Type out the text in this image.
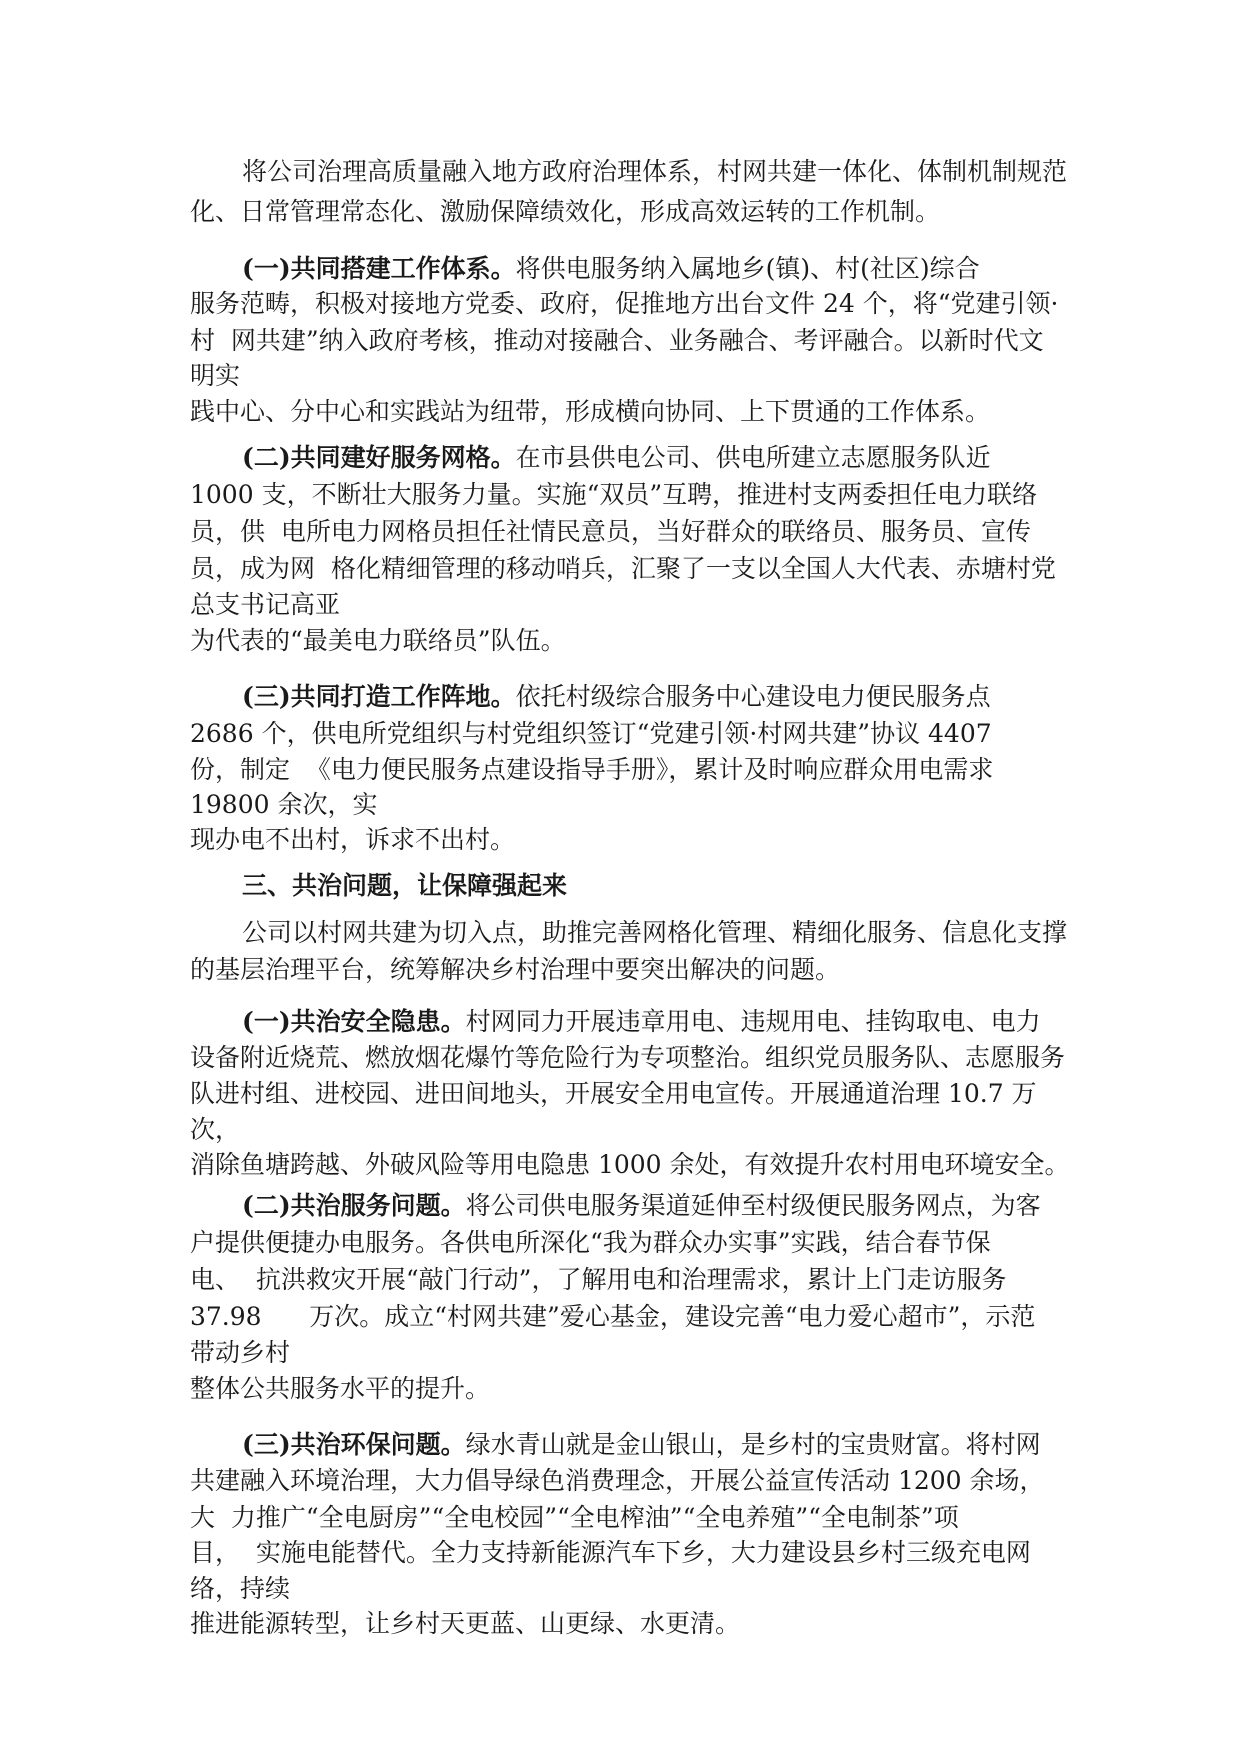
将公司治理高质量融入地方政府治理体系，村网共建一体化、体制机制规范
化、日常管理常态化、激励保障绩效化，形成高效运转的工作机制。
(一)共同搭建工作体系。将供电服务纳入属地乡(镇)、村(社区)综合
服务范畴，积极对接地方党委、政府，促推地方出台文件 24 个，将“党建引领·
村  网共建”纳入政府考核，推动对接融合、业务融合、考评融合。以新时代文
明实
践中心、分中心和实践站为纽带，形成横向协同、上下贯通的工作体系。
(二)共同建好服务网格。在市县供电公司、供电所建立志愿服务队近
1000 支，不断壮大服务力量。实施“双员”互聘，推进村支两委担任电力联络
员，供  电所电力网格员担任社情民意员，当好群众的联络员、服务员、宣传
员，成为网  格化精细管理的移动哨兵，汇聚了一支以全国人大代表、赤塘村党
总支书记高亚
为代表的“最美电力联络员”队伍。
(三)共同打造工作阵地。依托村级综合服务中心建设电力便民服务点
2686 个，供电所党组织与村党组织签订“党建引领·村网共建”协议 4407
份，制定  《电力便民服务点建设指导手册》，累计及时响应群众用电需求
19800 余次，实
现办电不出村，诉求不出村。
三、共治问题，让保障强起来
公司以村网共建为切入点，助推完善网格化管理、精细化服务、信息化支撑
的基层治理平台，统筹解决乡村治理中要突出解决的问题。
(一)共治安全隐患。村网同力开展违章用电、违规用电、挂钩取电、电力
设备附近烧荒、燃放烟花爆竹等危险行为专项整治。组织党员服务队、志愿服务
队进村组、进校园、进田间地头，开展安全用电宣传。开展通道治理 10.7 万
次，
消除鱼塘跨越、外破风险等用电隐患 1000 余处，有效提升农村用电环境安全。
(二)共治服务问题。将公司供电服务渠道延伸至村级便民服务网点，为客
户提供便捷办电服务。各供电所深化“我为群众办实事”实践，结合春节保
电、  抗洪救灾开展“敲门行动”，了解用电和治理需求，累计上门走访服务
37.98      万次。成立“村网共建”爱心基金，建设完善“电力爱心超市”，示范
带动乡村
整体公共服务水平的提升。
(三)共治环保问题。绿水青山就是金山银山，是乡村的宝贵财富。将村网
共建融入环境治理，大力倡导绿色消费理念，开展公益宣传活动 1200 余场，
大  力推广“全电厨房”“全电校园”“全电榨油”“全电养殖”“全电制茶”项
目，  实施电能替代。全力支持新能源汽车下乡，大力建设县乡村三级充电网
络，持续
推进能源转型，让乡村天更蓝、山更绿、水更清。
